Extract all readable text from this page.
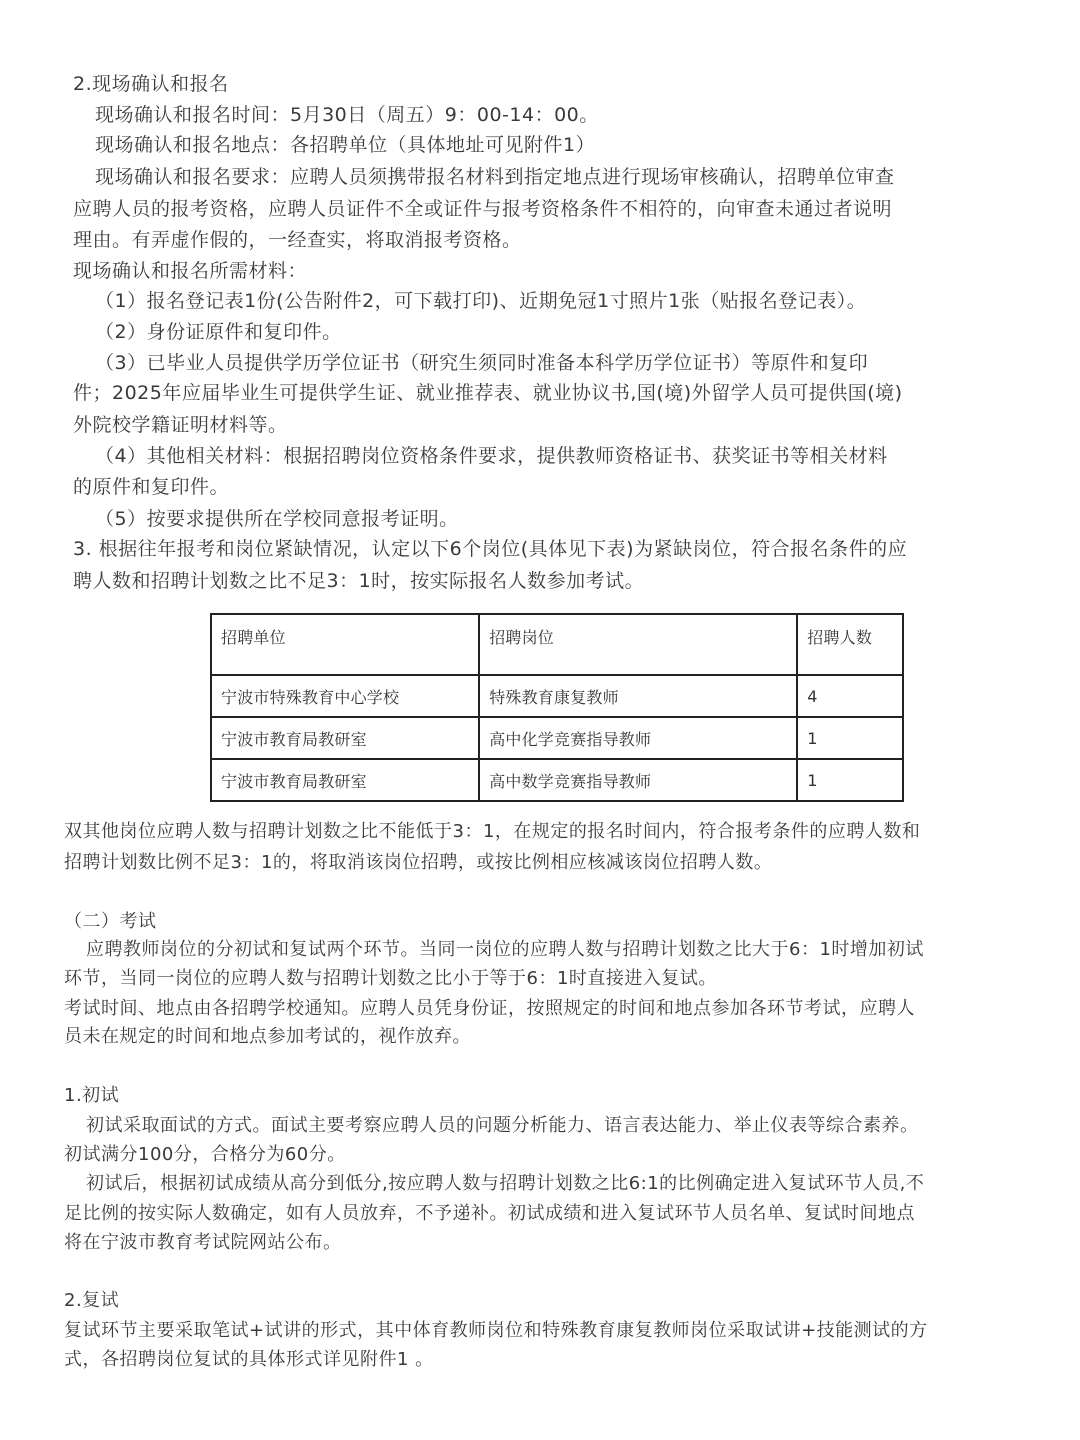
2.现场确认和报名
现场确认和报名时间：5月30日（周五）9：00-14：00。
现场确认和报名地点：各招聘单位（具体地址可见附件1）
现场确认和报名要求：应聘人员须携带报名材料到指定地点进行现场审核确认，招聘单位审查
应聘人员的报考资格，应聘人员证件不全或证件与报考资格条件不相符的，向审查未通过者说明
理由。有弄虚作假的，一经查实，将取消报考资格。
现场确认和报名所需材料：
（1）报名登记表1份(公告附件2，可下载打印)、近期免冠1寸照片1张（贴报名登记表）。
（2）身份证原件和复印件。
（3）已毕业人员提供学历学位证书（研究生须同时准备本科学历学位证书）等原件和复印
件；2025年应届毕业生可提供学生证、就业推荐表、就业协议书,国(境)外留学人员可提供国(境)
外院校学籍证明材料等。
（4）其他相关材料：根据招聘岗位资格条件要求，提供教师资格证书、获奖证书等相关材料
的原件和复印件。
（5）按要求提供所在学校同意报考证明。
3. 根据往年报考和岗位紧缺情况，认定以下6个岗位(具体见下表)为紧缺岗位，符合报名条件的应
聘人数和招聘计划数之比不足3：1时，按实际报名人数参加考试。
招聘单位	招聘岗位	招聘人数
宁波市特殊教育中心学校	特殊教育康复教师	4
宁波市教育局教研室	高中化学竞赛指导教师	1
宁波市教育局教研室	高中数学竞赛指导教师	1
双其他岗位应聘人数与招聘计划数之比不能低于3：1，在规定的报名时间内，符合报考条件的应聘人数和
招聘计划数比例不足3：1的，将取消该岗位招聘，或按比例相应核减该岗位招聘人数。
（二）考试
应聘教师岗位的分初试和复试两个环节。当同一岗位的应聘人数与招聘计划数之比大于6：1时增加初试
环节，当同一岗位的应聘人数与招聘计划数之比小于等于6：1时直接进入复试。
考试时间、地点由各招聘学校通知。应聘人员凭身份证，按照规定的时间和地点参加各环节考试，应聘人
员未在规定的时间和地点参加考试的，视作放弃。
1.初试
初试采取面试的方式。面试主要考察应聘人员的问题分析能力、语言表达能力、举止仪表等综合素养。
初试满分100分，合格分为60分。
初试后，根据初试成绩从高分到低分,按应聘人数与招聘计划数之比6:1的比例确定进入复试环节人员,不
足比例的按实际人数确定，如有人员放弃，不予递补。初试成绩和进入复试环节人员名单、复试时间地点
将在宁波市教育考试院网站公布。
2.复试
复试环节主要采取笔试+试讲的形式，其中体育教师岗位和特殊教育康复教师岗位采取试讲+技能测试的方
式，各招聘岗位复试的具体形式详见附件1 。
